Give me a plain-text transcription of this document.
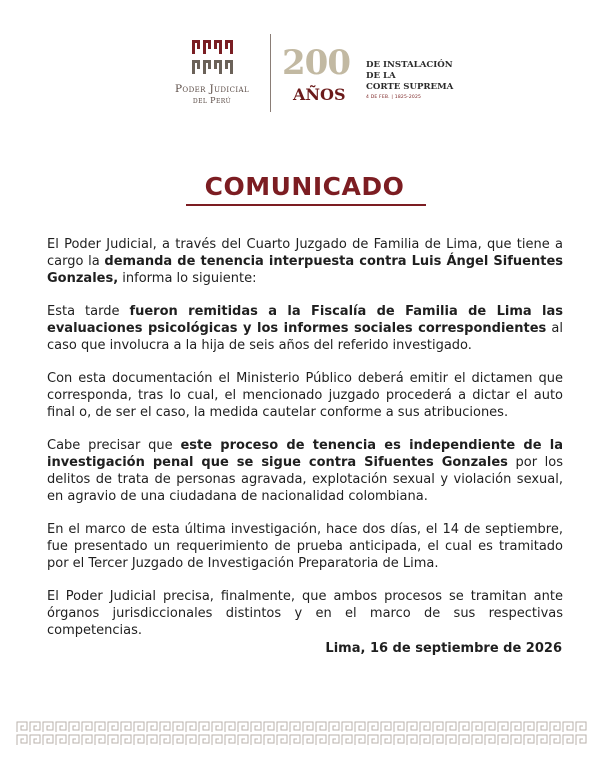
Poder Judicial
del Perú
200
AÑOS
DE INSTALACIÓN
DE LA
CORTE SUPREMA
4 DE FEB. | 1825-2025
COMUNICADO

El Poder Judicial, a través del Cuarto Juzgado de Familia de Lima, que tiene a cargo la demanda de tenencia interpuesta contra Luis Ángel Sifuentes Gonzales, informa lo siguiente:

Esta tarde fueron remitidas a la Fiscalía de Familia de Lima las evaluaciones psicológicas y los informes sociales correspondientes al caso que involucra a la hija de seis años del referido investigado.

Con esta documentación el Ministerio Público deberá emitir el dictamen que corresponda, tras lo cual, el mencionado juzgado procederá a dictar el auto final o, de ser el caso, la medida cautelar conforme a sus atribuciones.

Cabe precisar que este proceso de tenencia es independiente de la investigación penal que se sigue contra Sifuentes Gonzales por los delitos de trata de personas agravada, explotación sexual y violación sexual, en agravio de una ciudadana de nacionalidad colombiana.

En el marco de esta última investigación, hace dos días, el 14 de septiembre, fue presentado un requerimiento de prueba anticipada, el cual es tramitado por el Tercer Juzgado de Investigación Preparatoria de Lima.

El Poder Judicial precisa, finalmente, que ambos procesos se tramitan ante órganos jurisdiccionales distintos y en el marco de sus respectivas competencias.

Lima, 16 de septiembre de 2026
